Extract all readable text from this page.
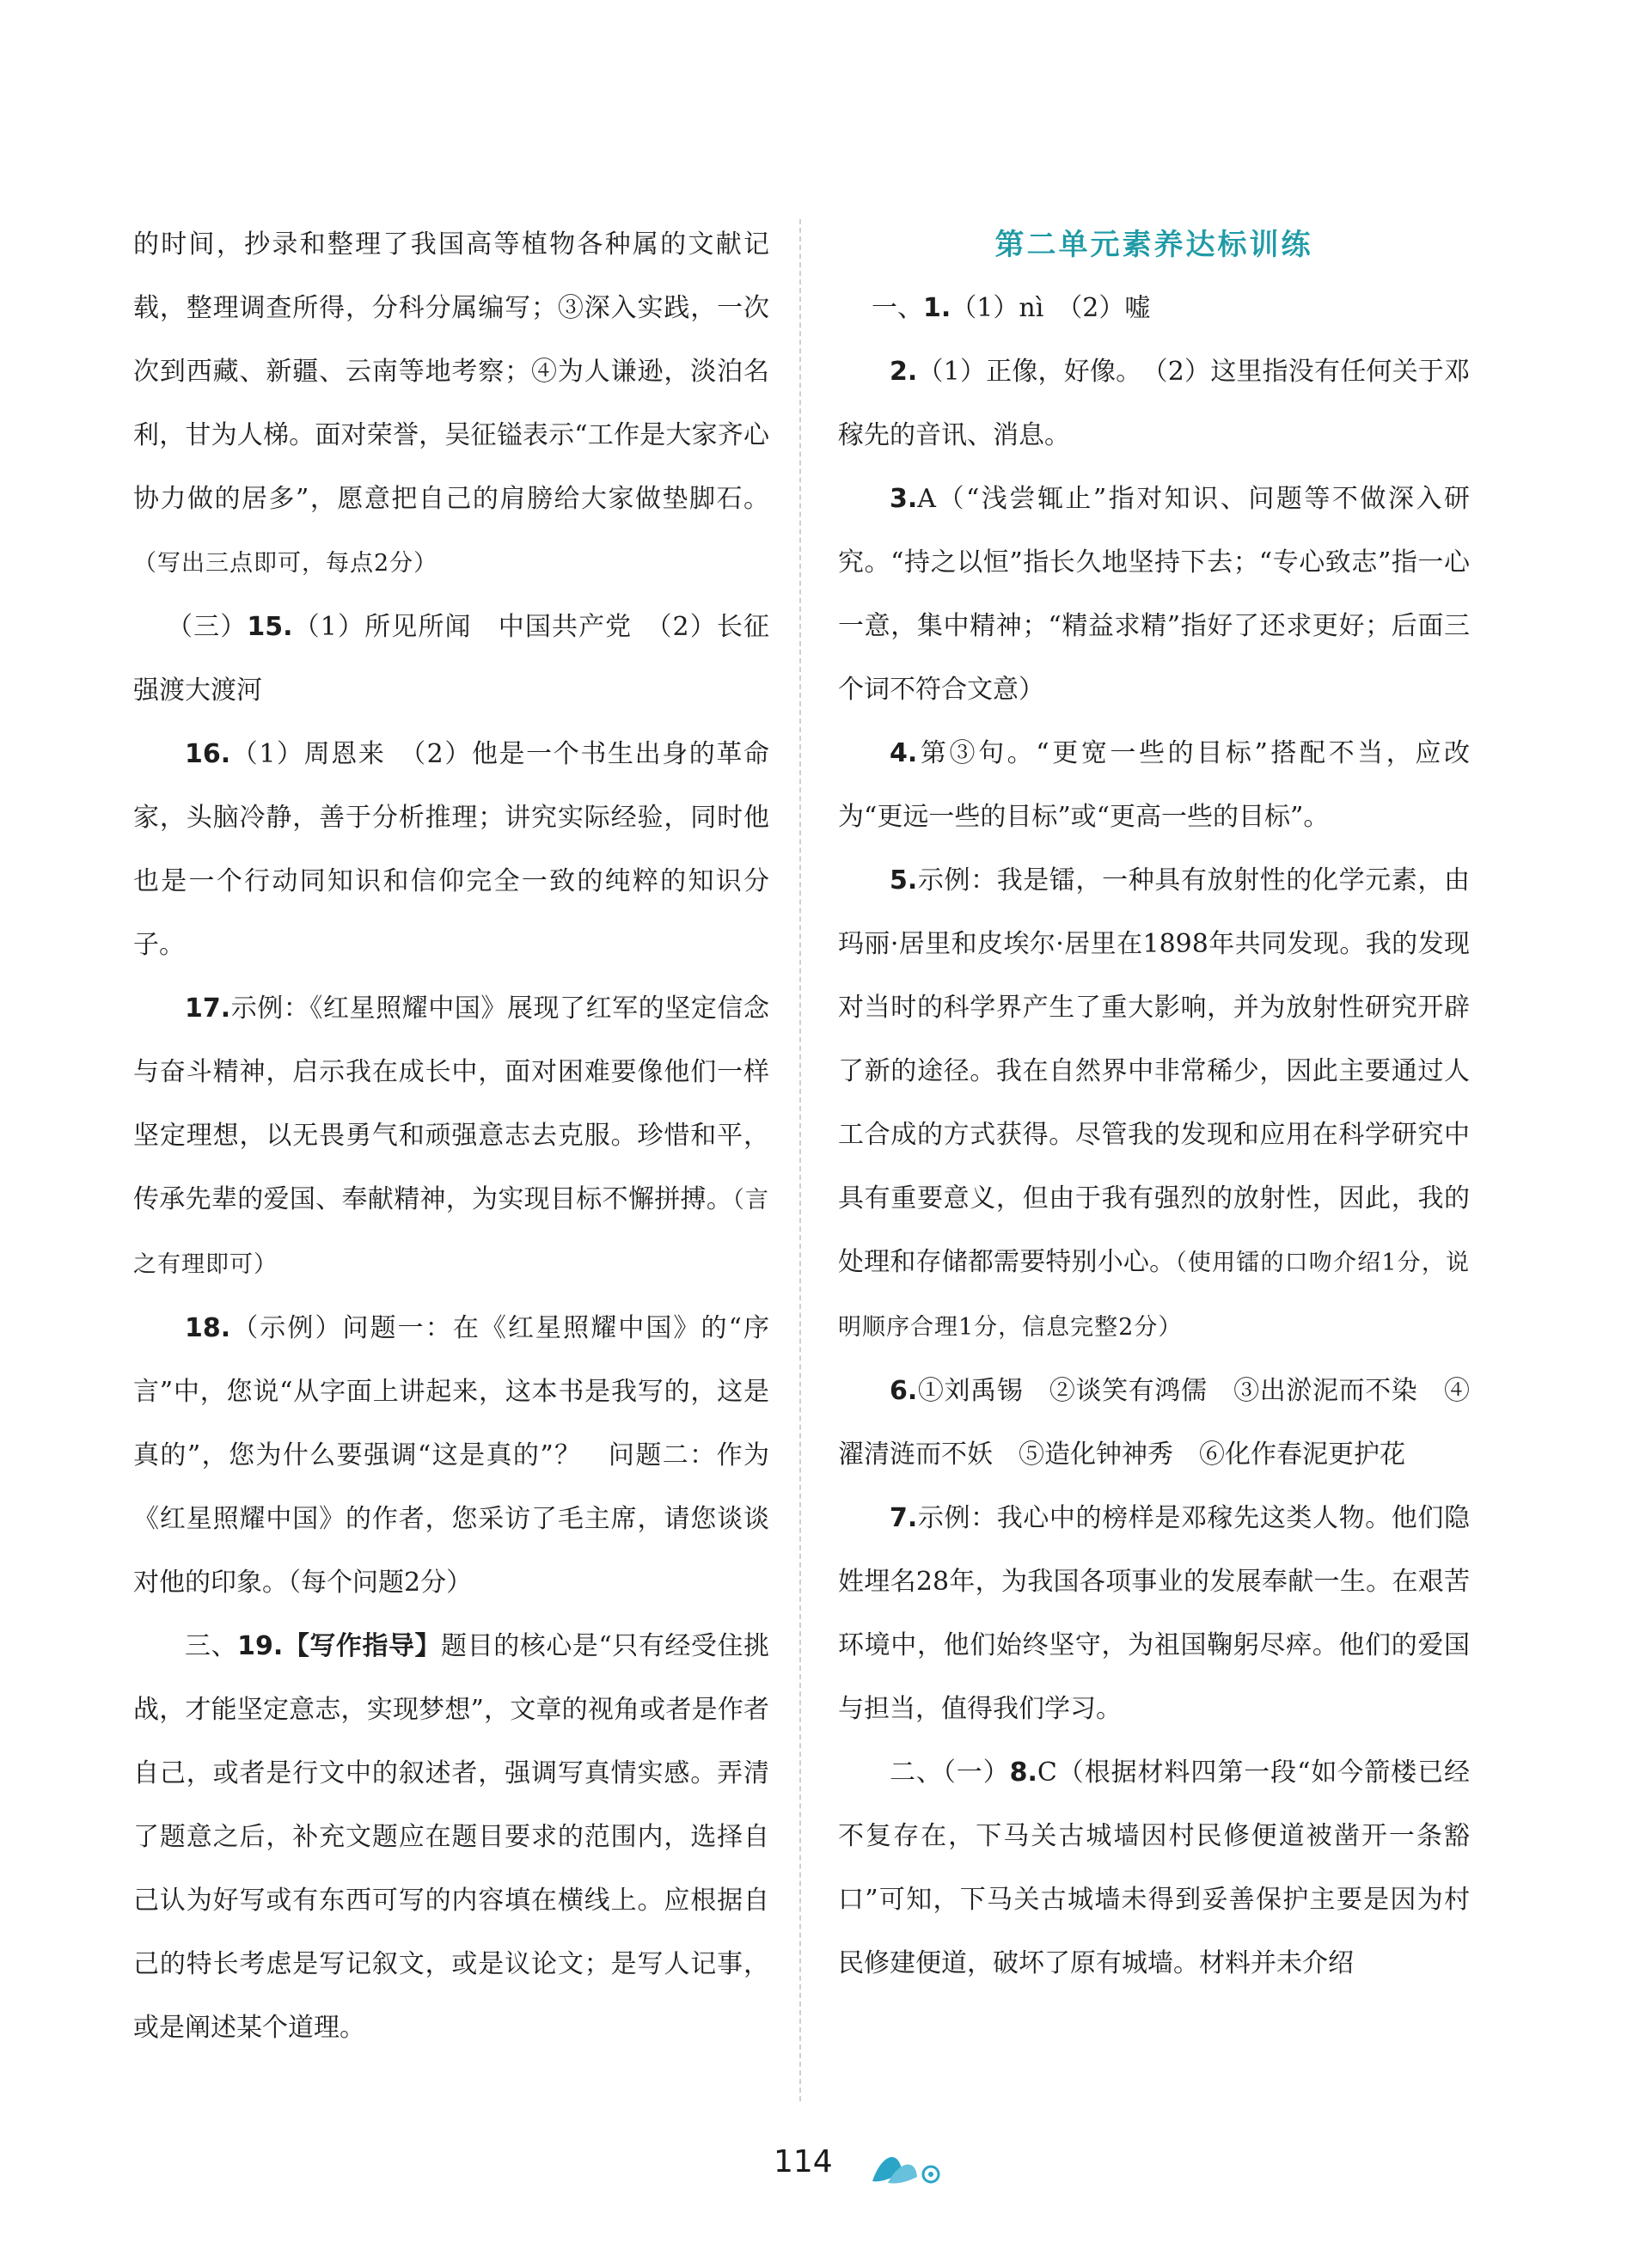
的时间，抄录和整理了我国高等植物各种属的文献记载，整理调查所得，分科分属编写；③深入实践，一次次到西藏、新疆、云南等地考察；④为人谦逊，淡泊名利，甘为人梯。面对荣誉，吴征镒表示“工作是大家齐心协力做的居多”，愿意把自己的肩膀给大家做垫脚石。（写出三点即可，每点2分）

（三）15.（1）所见所闻　中国共产党　（2）长征强渡大渡河

16.（1）周恩来　（2）他是一个书生出身的革命家，头脑冷静，善于分析推理；讲究实际经验，同时他也是一个行动同知识和信仰完全一致的纯粹的知识分子。

17.示例：《红星照耀中国》展现了红军的坚定信念与奋斗精神，启示我在成长中，面对困难要像他们一样坚定理想，以无畏勇气和顽强意志去克服。珍惜和平，传承先辈的爱国、奉献精神，为实现目标不懈拼搏。（言之有理即可）

18.（示例）问题一：在《红星照耀中国》的“序言”中，您说“从字面上讲起来，这本书是我写的，这是真的”，您为什么要强调“这是真的”？　问题二：作为《红星照耀中国》的作者，您采访了毛主席，请您谈谈对他的印象。（每个问题2分）

三、19.【写作指导】题目的核心是“只有经受住挑战，才能坚定意志，实现梦想”，文章的视角或者是作者自己，或者是行文中的叙述者，强调写真情实感。弄清了题意之后，补充文题应在题目要求的范围内，选择自己认为好写或有东西可写的内容填在横线上。应根据自己的特长考虑是写记叙文，或是议论文；是写人记事，或是阐述某个道理。

第二单元素养达标训练

一、1.（1）nì　（2）嘘

2.（1）正像，好像。　（2）这里指没有任何关于邓稼先的音讯、消息。

3.A（“浅尝辄止”指对知识、问题等不做深入研究。“持之以恒”指长久地坚持下去；“专心致志”指一心一意，集中精神；“精益求精”指好了还求更好；后面三个词不符合文意）

4.第③句。“更宽一些的目标”搭配不当，应改为“更远一些的目标”或“更高一些的目标”。

5.示例：我是镭，一种具有放射性的化学元素，由玛丽·居里和皮埃尔·居里在1898年共同发现。我的发现对当时的科学界产生了重大影响，并为放射性研究开辟了新的途径。我在自然界中非常稀少，因此主要通过人工合成的方式获得。尽管我的发现和应用在科学研究中具有重要意义，但由于我有强烈的放射性，因此，我的处理和存储都需要特别小心。（使用镭的口吻介绍1分，说明顺序合理1分，信息完整2分）

6.①刘禹锡　②谈笑有鸿儒　③出淤泥而不染　④濯清涟而不妖　⑤造化钟神秀　⑥化作春泥更护花

7.示例：我心中的榜样是邓稼先这类人物。他们隐姓埋名28年，为我国各项事业的发展奉献一生。在艰苦环境中，他们始终坚守，为祖国鞠躬尽瘁。他们的爱国与担当，值得我们学习。

二、（一）8.C（根据材料四第一段“如今箭楼已经不复存在，下马关古城墙因村民修便道被凿开一条豁口”可知，下马关古城墙未得到妥善保护主要是因为村民修建便道，破坏了原有城墙。材料并未介绍

114
